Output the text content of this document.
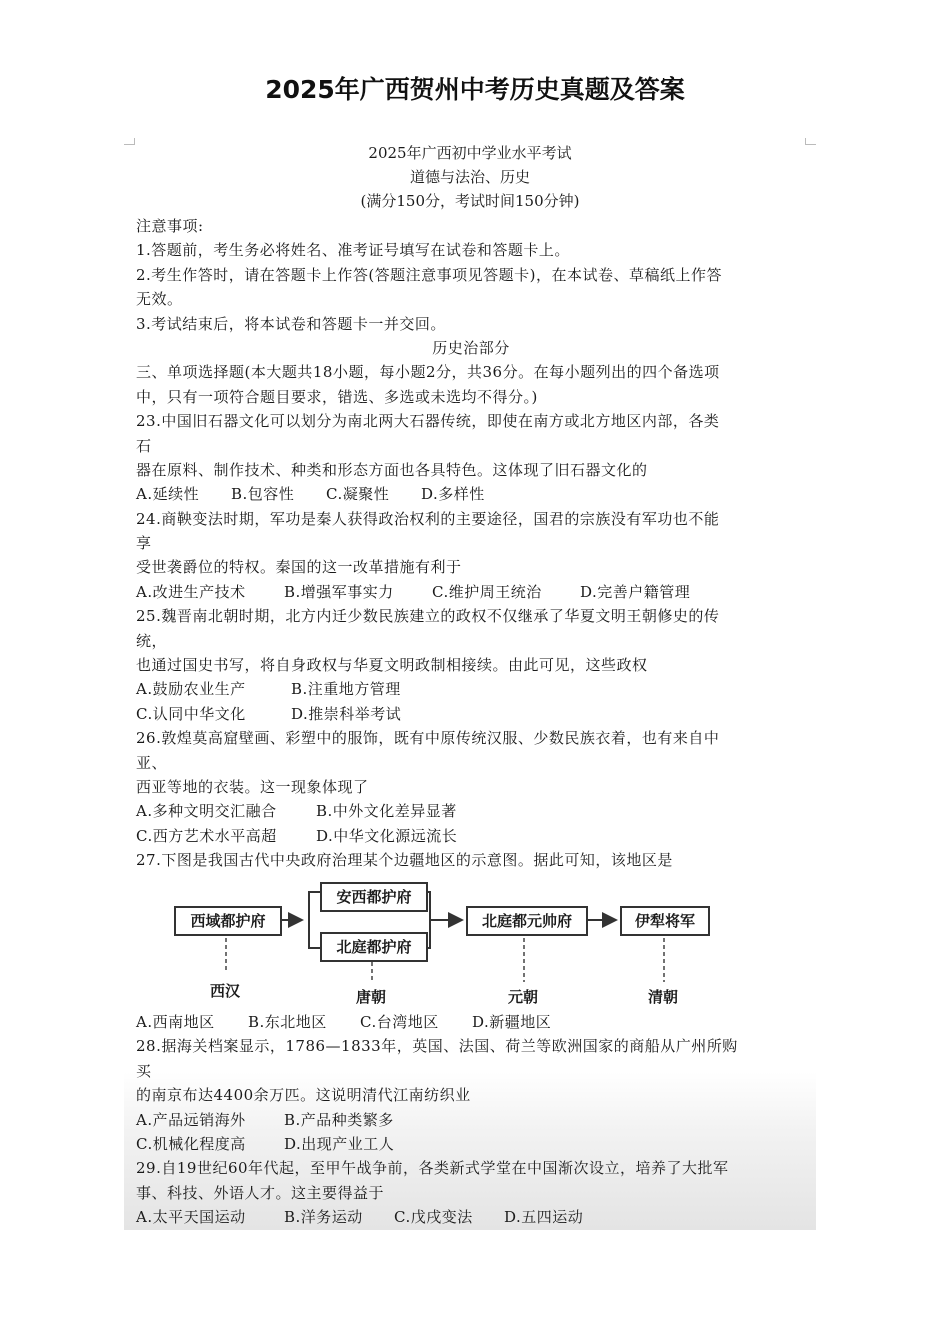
2025年广西贺州中考历史真题及答案
2025年广西初中学业水平考试
道德与法治、历史
(满分150分，考试时间150分钟)
注意事项:
1.答题前，考生务必将姓名、准考证号填写在试卷和答题卡上。
2.考生作答时，请在答题卡上作答(答题注意事项见答题卡)，在本试卷、草稿纸上作答
无效。
3.考试结束后，将本试卷和答题卡一并交回。
历史治部分
三、单项选择题(本大题共18小题，每小题2分，共36分。在每小题列出的四个备选项
中，只有一项符合题目要求，错选、多选或未选均不得分。)
23.中国旧石器文化可以划分为南北两大石器传统，即使在南方或北方地区内部，各类
石
器在原料、制作技术、种类和形态方面也各具特色。这体现了旧石器文化的
A.延续性 B.包容性 C.凝聚性 D.多样性
24.商鞅变法时期，军功是秦人获得政治权利的主要途径，国君的宗族没有军功也不能
享
受世袭爵位的特权。秦国的这一改革措施有利于
A.改进生产技术	B.增强军事实力	C.维护周王统治	D.完善户籍管理
25.魏晋南北朝时期，北方内迁少数民族建立的政权不仅继承了华夏文明王朝修史的传
统，
也通过国史书写，将自身政权与华夏文明政制相接续。由此可见，这些政权
A.鼓励农业生产	B.注重地方管理
C.认同中华文化	D.推崇科举考试
26.敦煌莫高窟壁画、彩塑中的服饰，既有中原传统汉服、少数民族衣着，也有来自中
亚、
西亚等地的衣装。这一现象体现了
A.多种文明交汇融合	B.中外文化差异显著
C.西方艺术水平高超	D.中华文化源远流长
27.下图是我国古代中央政府治理某个边疆地区的示意图。据此可知，该地区是
西域都护府
安西都护府
北庭都护府
北庭都元帅府	伊犁将军
西汉	唐朝	元朝	清朝
A.西南地区 B.东北地区 C.台湾地区 D.新疆地区
28.据海关档案显示，1786—1833年，英国、法国、荷兰等欧洲国家的商船从广州所购
买
的南京布达4400余万匹。这说明清代江南纺织业
A.产品远销海外	B.产品种类繁多
C.机械化程度高	D.出现产业工人
29.自19世纪60年代起，至甲午战争前，各类新式学堂在中国渐次设立，培养了大批军
事、科技、外语人才。这主要得益于
A.太平天国运动	B.洋务运动 C.戊戌变法 D.五四运动
